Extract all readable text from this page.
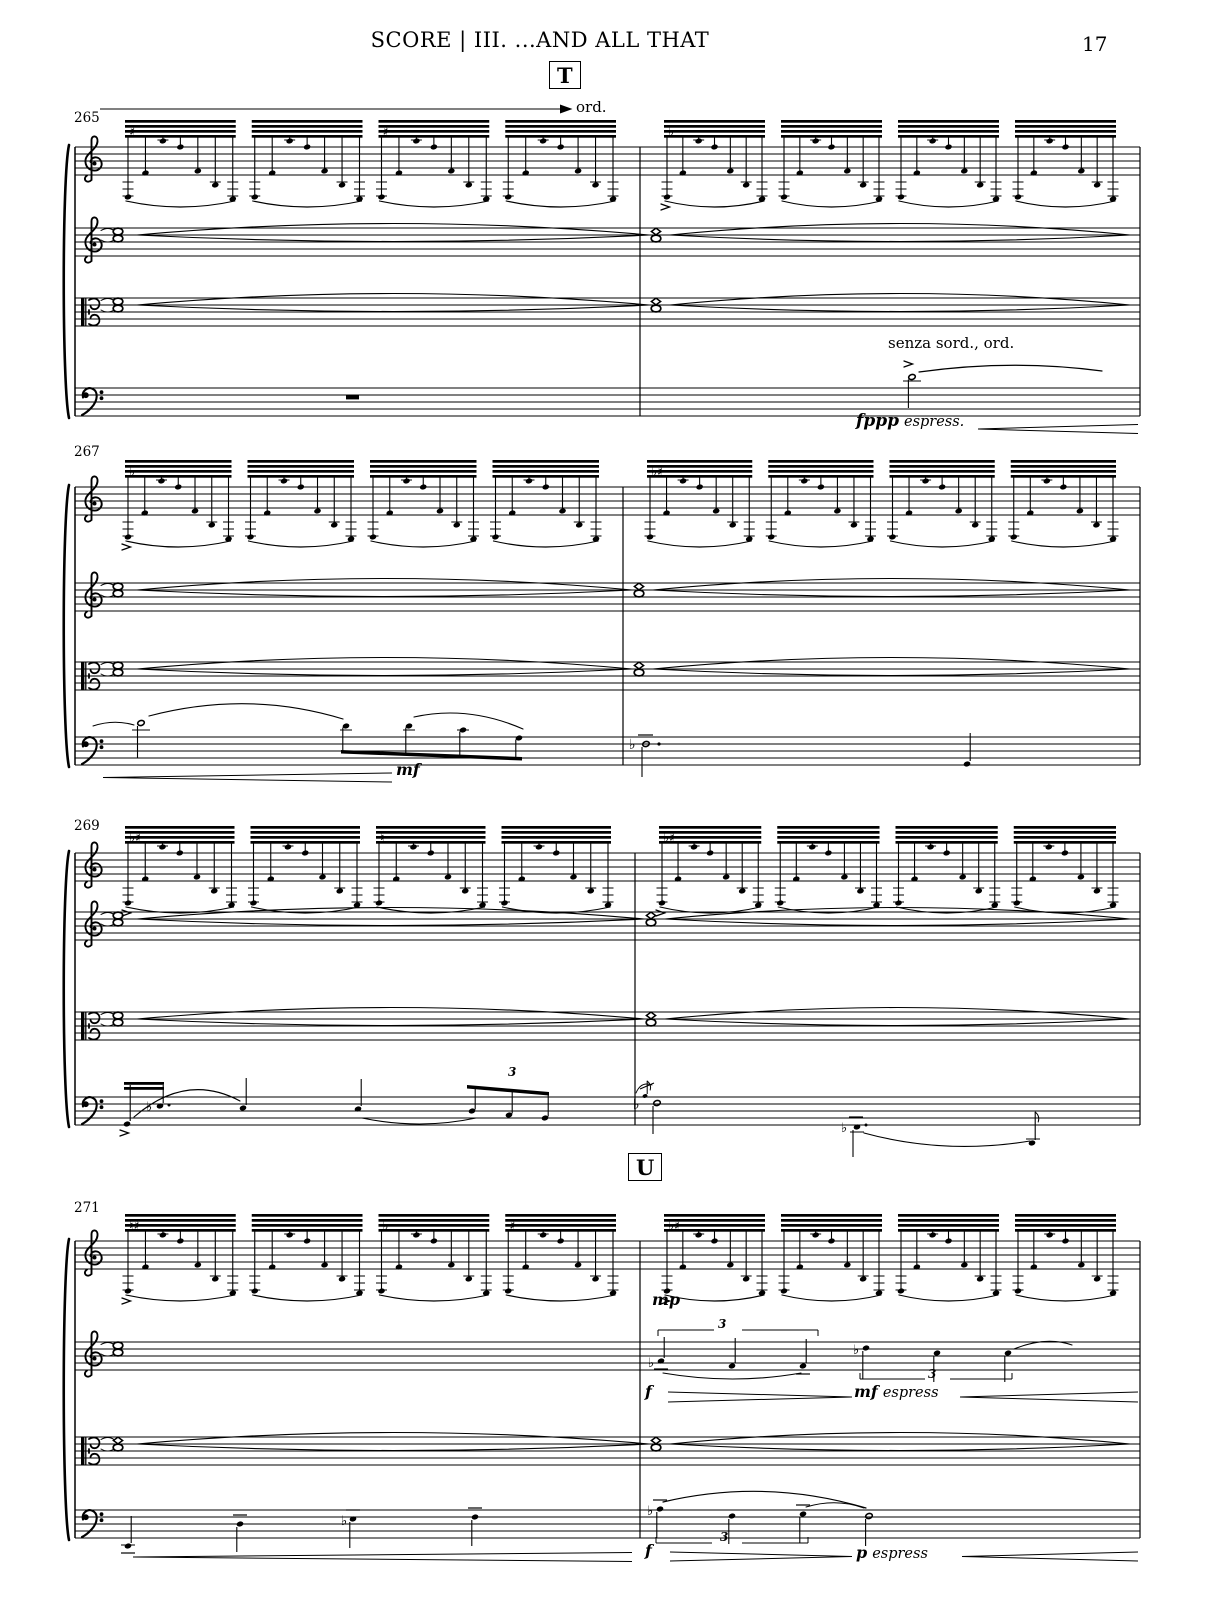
♯	♯	♭
♭	♭♯
♭
♭♯	♮	♭♯
♭	♭
♭
♮♯	♭	♯	♭♯
♭
♭
♭
♭
SCORE | III. ...AND ALL THAT	17
T
U
ord.
265
267
269
271
senza sord., ord.
fppp espress.
mf
3
mp
3
3
f	mf espress
3
f	p espress
